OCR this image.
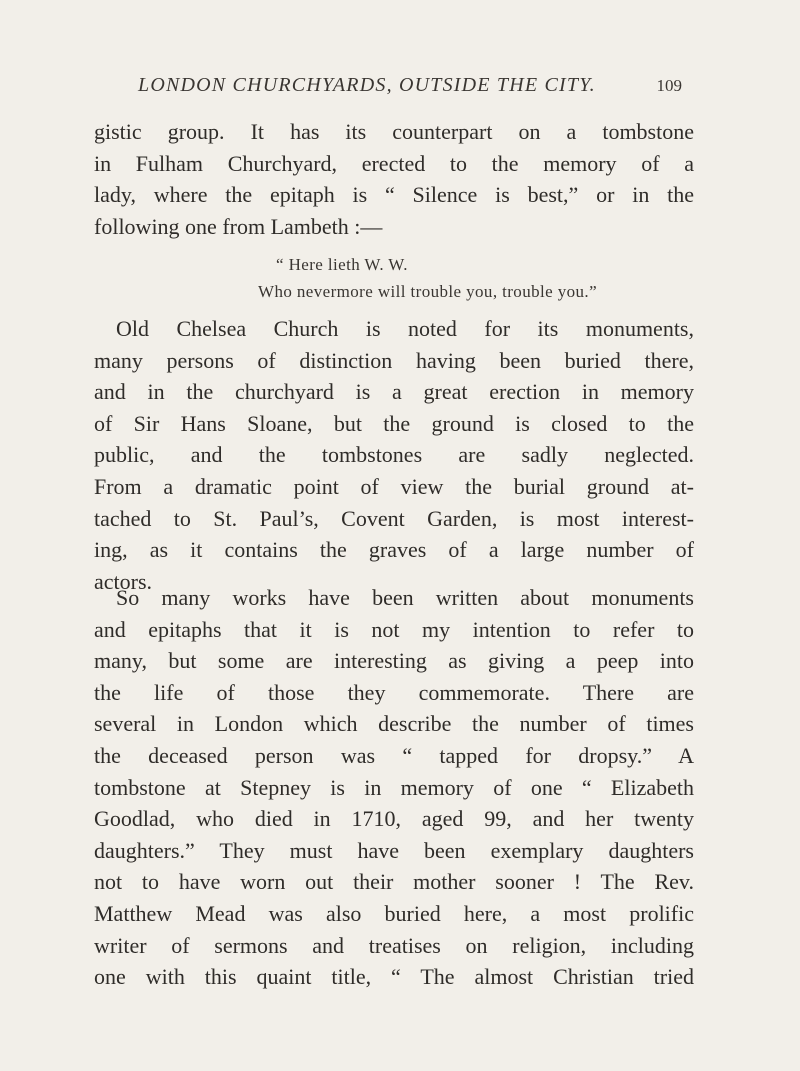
LONDON CHURCHYARDS, OUTSIDE THE CITY.	109
gistic group. It has its counterpart on a tombstone
in Fulham Churchyard, erected to the memory of a
lady, where the epitaph is “ Silence is best,” or in the
following one from Lambeth :—
“ Here lieth W. W.
Who nevermore will trouble you, trouble you.”
Old Chelsea Church is noted for its monuments,
many persons of distinction having been buried there,
and in the churchyard is a great erection in memory
of Sir Hans Sloane, but the ground is closed to the
public, and the tombstones are sadly neglected.
From a dramatic point of view the burial ground at-
tached to St. Paul’s, Covent Garden, is most interest-
ing, as it contains the graves of a large number of
actors.
So many works have been written about monuments
and epitaphs that it is not my intention to refer to
many, but some are interesting as giving a peep into
the life of those they commemorate. There are
several in London which describe the number of times
the deceased person was “ tapped for dropsy.” A
tombstone at Stepney is in memory of one “ Elizabeth
Goodlad, who died in 1710, aged 99, and her twenty
daughters.” They must have been exemplary daughters
not to have worn out their mother sooner ! The Rev.
Matthew Mead was also buried here, a most prolific
writer of sermons and treatises on religion, including
one with this quaint title, “ The almost Christian tried
